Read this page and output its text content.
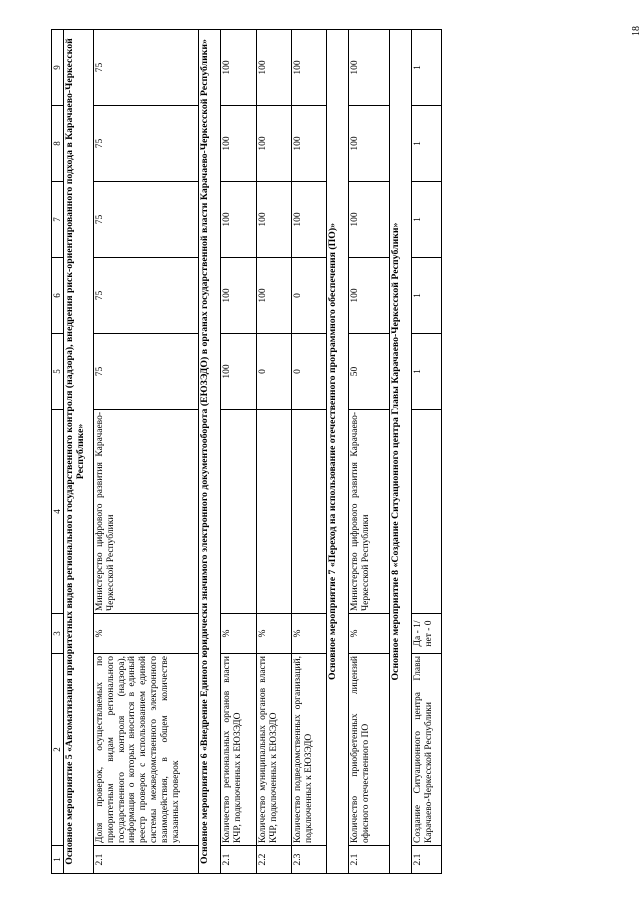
18
1	2	3	4	5	6	7	8	9
Основное мероприятие 5 «Автоматизация приоритетных видов регионального государственного контроля (надзора), внедрения риск-ориентированного подхода в Карачаево-Черкесской Республике»								
2.1	Доля проверок, осуществляемых по приоритетным видам регионального государственного контроля (надзора), информация о которых вносится в единый реестр проверок с использованием единой системы межведомственного электронного взаимодействия, в общем количестве указанных проверок	%	Министерство цифрового развития Карачаево-Черкесской Республики	75	75	75	75	75
Основное мероприятие 6 «Внедрение Единого юридически значимого электронного документооборота (ЕЮЗЭДО) в органах государственной власти Карачаево-Черкесской Республики»								
2.1	Количество региональных органов власти КЧР, подключенных к ЕЮЗЭДО	%		100	100	100	100	100
2.2	Количество муниципальных органов власти КЧР, подключенных к ЕЮЗЭДО	%		0	100	100	100	100
2.3	Количество подведомственных организаций, подключенных к ЕЮЗЭДО	%		0	0	100	100	100
Основное мероприятие 7 «Переход на использование отечественного программного обеспечения (ПО)»								
2.1	Количество приобретенных лицензий офисного отечественного ПО	%	Министерство цифрового развития Карачаево-Черкесской Республики	50	100	100	100	100
Основное мероприятие 8 «Создание Ситуационного центра Главы Карачаево-Черкесской Республики»								
2.1	Создание Ситуационного центра Главы Карачаево-Черкесской Республики	Да - 1/ нет - 0		1	1	1	1	1
